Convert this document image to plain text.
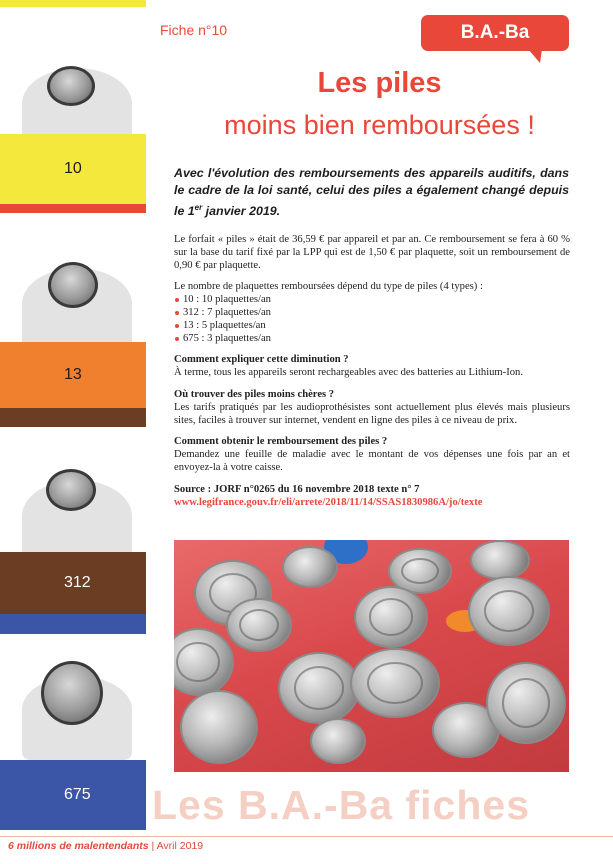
10
13
312
675
Fiche n°10	B.A.-Ba
Les piles
moins bien remboursées !
Avec l'évolution des remboursements des appareils auditifs, dans le cadre de la loi santé, celui des piles a également changé depuis le 1er janvier 2019.

Le forfait « piles » était de 36,59 € par appareil et par an. Ce remboursement se fera à 60 % sur la base du tarif fixé par la LPP qui est de 1,50 € par plaquette, soit un remboursement de 0,90 € par plaquette.

Le nombre de plaquettes remboursées dépend du type de piles (4 types) :

10 : 10 plaquettes/an
312 : 7 plaquettes/an
13 : 5 plaquettes/an
675 : 3 plaquettes/an

Comment expliquer cette diminution ?

À terme, tous les appareils seront rechargeables avec des batteries au Lithium-Ion.

Où trouver des piles moins chères ?

Les tarifs pratiqués par les audioprothésistes sont actuellement plus élevés mais plusieurs sites, faciles à trouver sur internet, vendent en ligne des piles à ce niveau de prix.

Comment obtenir le remboursement des piles ?

Demandez une feuille de maladie avec le montant de vos dépenses une fois par an et envoyez-la à votre caisse.

Source : JORF n°0265 du 16 novembre 2018 texte n° 7

www.legifrance.gouv.fr/eli/arrete/2018/11/14/SSAS1830986A/jo/texte

Les B.A.-Ba fiches
6 millions de malentendants | Avril 2019
